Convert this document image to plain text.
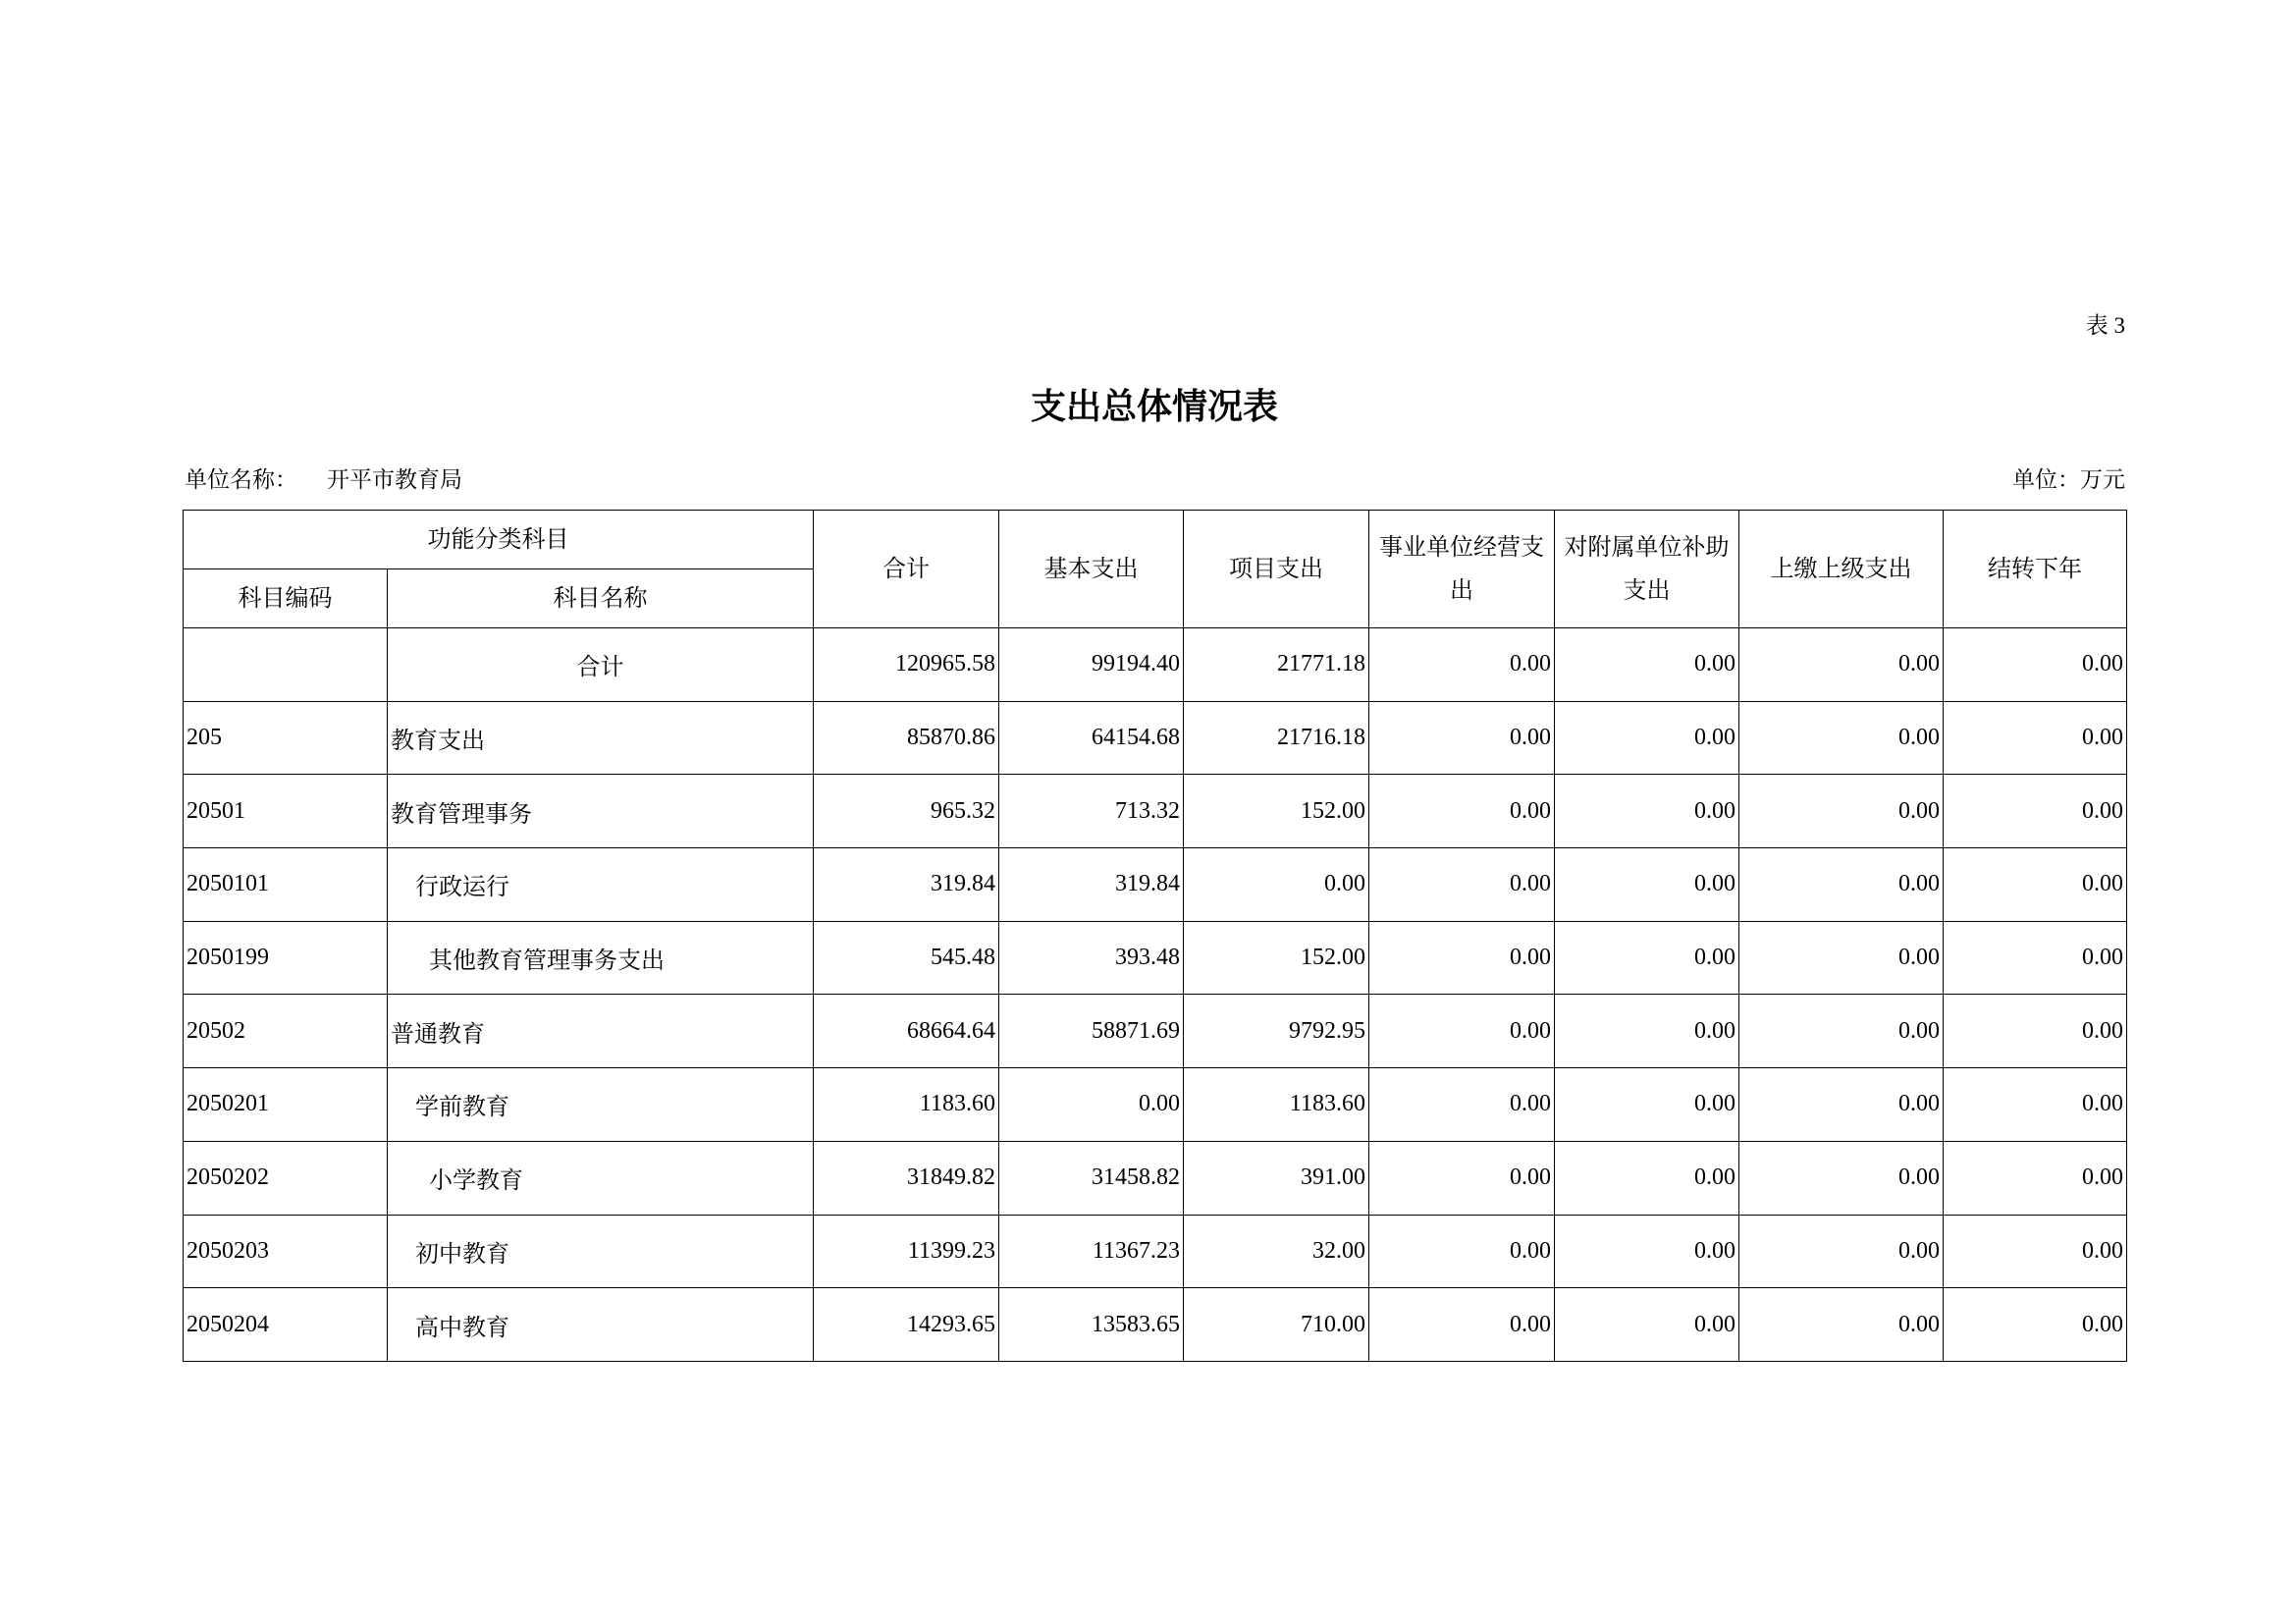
表 3
支出总体情况表
单位名称： 开平市教育局	单位：万元
功能分类科目		合计	基本支出	项目支出	事业单位经营支出	对附属单位补助支出	上缴上级支出	结转下年
科目编码	科目名称							
	合计	120965.58	99194.40	21771.18	0.00	0.00	0.00	0.00
205	教育支出	85870.86	64154.68	21716.18	0.00	0.00	0.00	0.00
20501	教育管理事务	965.32	713.32	152.00	0.00	0.00	0.00	0.00
2050101	行政运行	319.84	319.84	0.00	0.00	0.00	0.00	0.00
2050199	其他教育管理事务支出	545.48	393.48	152.00	0.00	0.00	0.00	0.00
20502	普通教育	68664.64	58871.69	9792.95	0.00	0.00	0.00	0.00
2050201	学前教育	1183.60	0.00	1183.60	0.00	0.00	0.00	0.00
2050202	小学教育	31849.82	31458.82	391.00	0.00	0.00	0.00	0.00
2050203	初中教育	11399.23	11367.23	32.00	0.00	0.00	0.00	0.00
2050204	高中教育	14293.65	13583.65	710.00	0.00	0.00	0.00	0.00
